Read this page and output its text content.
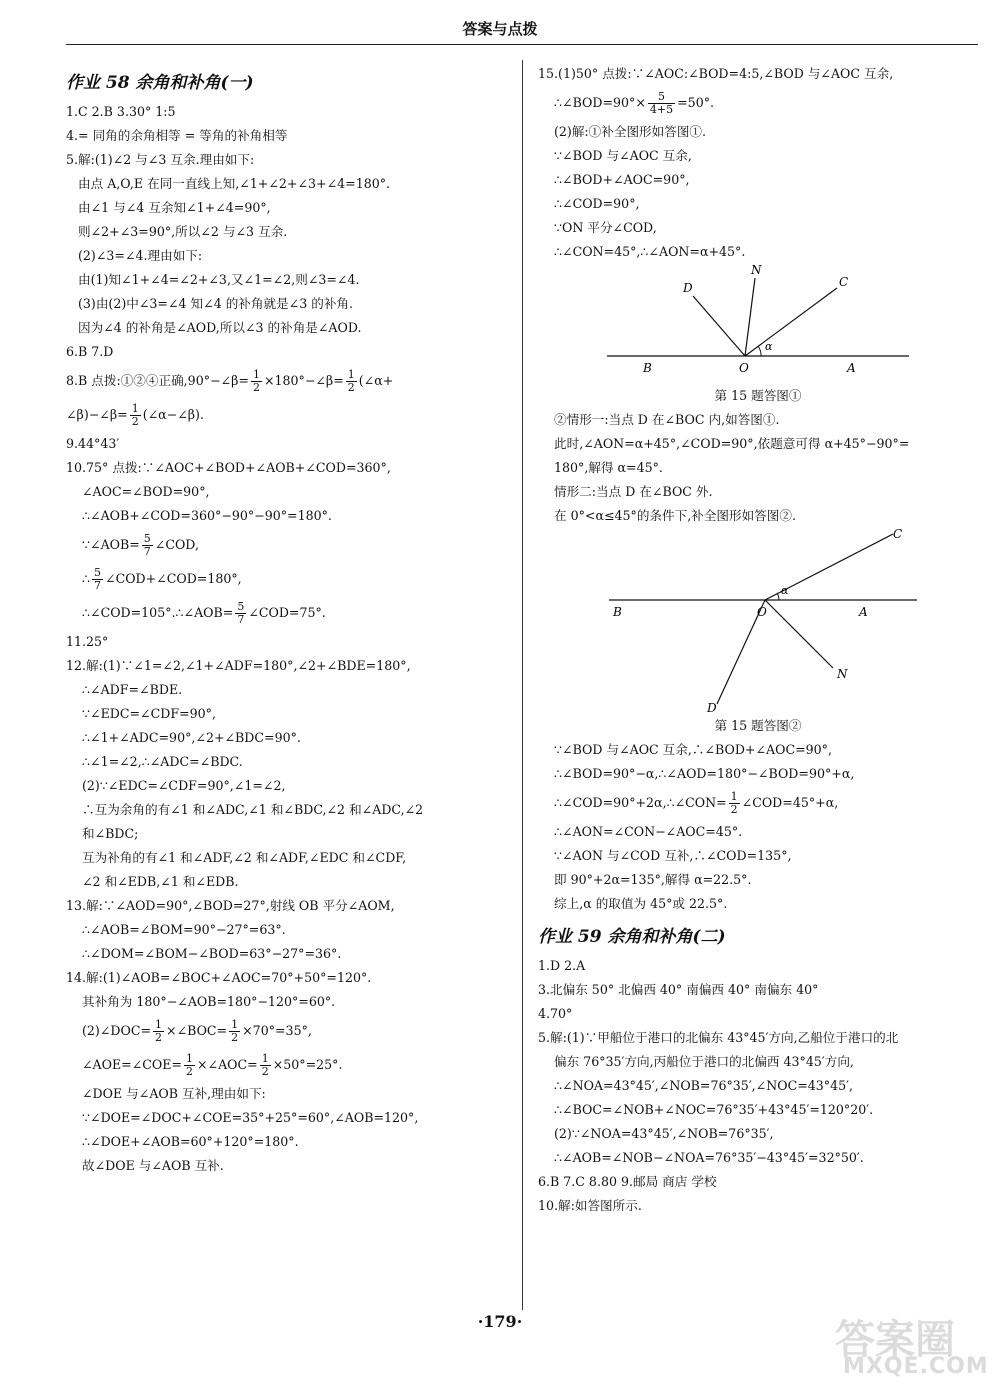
答案与点拨
作业 58 余角和补角(一)
1.C 2.B 3.30° 1:5
4.= 同角的余角相等 = 等角的补角相等
5.解:(1)∠2 与∠3 互余.理由如下:
由点 A,O,E 在同一直线上知,∠1+∠2+∠3+∠4=180°.
由∠1 与∠4 互余知∠1+∠4=90°,
则∠2+∠3=90°,所以∠2 与∠3 互余.
(2)∠3=∠4.理由如下:
由(1)知∠1+∠4=∠2+∠3,又∠1=∠2,则∠3=∠4.
(3)由(2)中∠3=∠4 知∠4 的补角就是∠3 的补角.
因为∠4 的补角是∠AOD,所以∠3 的补角是∠AOD.
6.B 7.D
8.B 点拨:①②④正确,90°−∠β= $\frac{1}{2}$ ×180°−∠β= $\frac{1}{2}$ (∠α+
∠β)−∠β= $\frac{1}{2}$ (∠α−∠β).
9.44°43′
10.75° 点拨:∵∠AOC+∠BOD+∠AOB+∠COD=360°,
∠AOC=∠BOD=90°,
∴∠AOB+∠COD=360°−90°−90°=180°.
∵∠AOB= $\frac{5}{7}$ ∠COD,
∴ $\frac{5}{7}$ ∠COD+∠COD=180°,
∴∠COD=105°.∴∠AOB= $\frac{5}{7}$ ∠COD=75°.
11.25°
12.解:(1)∵∠1=∠2,∠1+∠ADF=180°,∠2+∠BDE=180°,
∴∠ADF=∠BDE.
∵∠EDC=∠CDF=90°,
∴∠1+∠ADC=90°,∠2+∠BDC=90°.
∴∠1=∠2,∴∠ADC=∠BDC.
(2)∵∠EDC=∠CDF=90°,∠1=∠2,
∴互为余角的有∠1 和∠ADC,∠1 和∠BDC,∠2 和∠ADC,∠2
和∠BDC;
互为补角的有∠1 和∠ADF,∠2 和∠ADF,∠EDC 和∠CDF,
∠2 和∠EDB,∠1 和∠EDB.
13.解:∵∠AOD=90°,∠BOD=27°,射线 OB 平分∠AOM,
∴∠AOB=∠BOM=90°−27°=63°.
∴∠DOM=∠BOM−∠BOD=63°−27°=36°.
14.解:(1)∠AOB=∠BOC+∠AOC=70°+50°=120°.
其补角为 180°−∠AOB=180°−120°=60°.
(2)∠DOC= $\frac{1}{2}$ ×∠BOC= $\frac{1}{2} \times 70^\circ=35^\circ$,
∠AOE=∠COE= $\frac{1}{2}$ ×∠AOC= $\frac{1}{2} \times 50^\circ=25^\circ$.
∠DOE 与∠AOB 互补,理由如下:
∵∠DOE=∠DOC+∠COE=35°+25°=60°,∠AOB=120°,
∴∠DOE+∠AOB=60°+120°=180°.
故∠DOE 与∠AOB 互补.
15.(1)50° 点拨:∵∠AOC:∠BOD=4:5,∠BOD 与∠AOC 互余,
∴∠BOD=90°× $\frac{5}{4+5} =50^\circ$.
(2)解:①补全图形如答图①.
∵∠BOD 与∠AOC 互余,
∴∠BOD+∠AOC=90°,
∴∠COD=90°,
∵ON 平分∠COD,
∴∠CON=45°,∴∠AON=α+45°.
N
D	C
B	O	A
α
第 15 题答图①
②情形一:当点 D 在∠BOC 内,如答图①.
此时,∠AON=α+45°,∠COD=90°,依题意可得 α+45°−90°=
180°,解得 α=45°.
情形二:当点 D 在∠BOC 外.
在 0°<α≤45°的条件下,补全图形如答图②.
C
B	O	A
N
D
α
第 15 题答图②
∵∠BOD 与∠AOC 互余,∴∠BOD+∠AOC=90°,
∴∠BOD=90°−α,∴∠AOD=180°−∠BOD=90°+α,
∴∠COD=90°+2α,∴∠CON= $\frac{1}{2}$ ∠COD=45°+α,
∴∠AON=∠CON−∠AOC=45°.
∵∠AON 与∠COD 互补,∴∠COD=135°,
即 90°+2α=135°,解得 α=22.5°.
综上,α 的取值为 45°或 22.5°.
作业 59 余角和补角(二)
1.D 2.A
3.北偏东 50° 北偏西 40° 南偏西 40° 南偏东 40°
4.70°
5.解:(1)∵甲船位于港口的北偏东 43°45′方向,乙船位于港口的北
偏东 76°35′方向,丙船位于港口的北偏西 43°45′方向,
∴∠NOA=43°45′,∠NOB=76°35′,∠NOC=43°45′,
∴∠BOC=∠NOB+∠NOC=76°35′+43°45′=120°20′.
(2)∵∠NOA=43°45′,∠NOB=76°35′,
∴∠AOB=∠NOB−∠NOA=76°35′−43°45′=32°50′.
6.B 7.C 8.80 9.邮局 商店 学校
10.解:如答图所示.
·179·	答案圈
MXQE.COM
